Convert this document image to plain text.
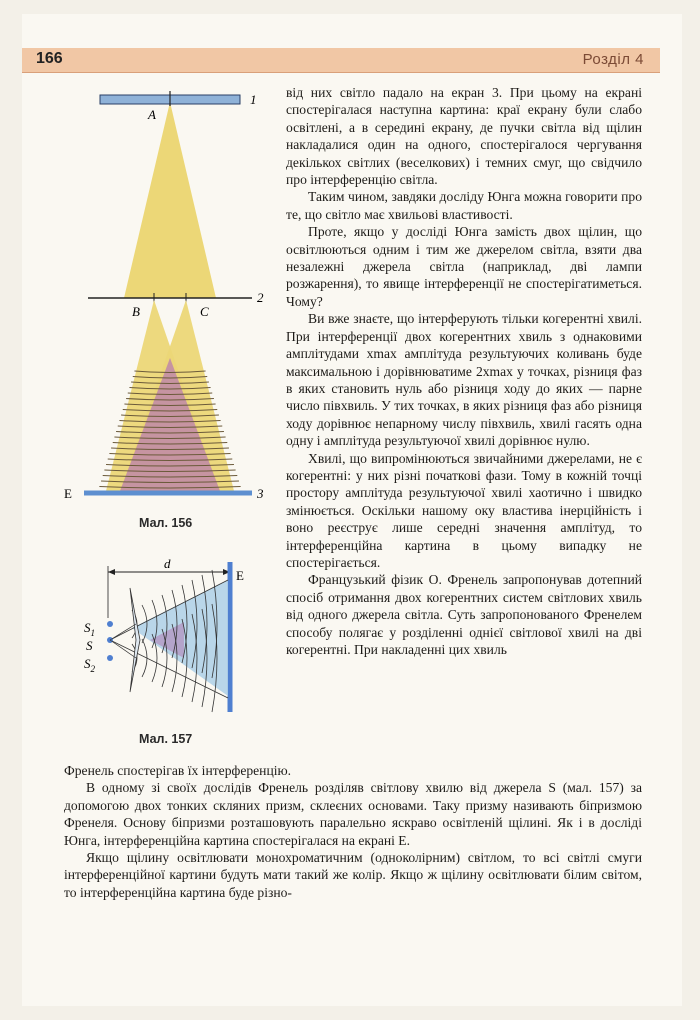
166	Розділ 4
A
1
2
B	C
E	3
Мал. 156
d
E
$S_1$
S
$S_2$
Мал. 157

від них світло падало на екран 3. При цьому на екрані спостерігалася наступна картина: краї екрану були слабо освітлені, а в середині екрану, де пучки світла від щілин накладалися один на одного, спостерігалося чергування декількох світлих (веселкових) і темних смуг, що свідчило про інтерференцію світла.

Таким чином, завдяки досліду Юнга можна говорити про те, що світло має хвильові властивості.

Проте, якщо у досліді Юнга замість двох щілин, що освітлюються одним і тим же джерелом світла, взяти два незалежні джерела світла (наприклад, дві лампи розжарення), то явище інтерференції не спостерігатиметься. Чому?

Ви вже знаєте, що інтерферують тільки когерентні хвилі. При інтерференції двох когерентних хвиль з однаковими амплітудами xmax амплітуда результуючих коливань буде максимальною і дорівнюватиме 2xmax у точках, різниця фаз в яких становить нуль або різниця ходу до яких — парне число півхвиль. У тих точках, в яких різниця фаз або різниця ходу дорівнює непарному числу півхвиль, хвилі гасять одна одну і амплітуда результуючої хвилі дорівнює нулю.

Хвилі, що випромінюються звичайними джерелами, не є когерентні: у них різні початкові фази. Тому в кожній точці простору амплітуда результуючої хвилі хаотично і швидко змінюється. Оскільки нашому оку властива інерційність і воно реєструє лише середні значення амплітуд, то інтерференційна картина в цьому випадку не спостерігається.

Французький фізик О. Френель запропонував дотепний спосіб отримання двох когерентних систем світлових хвиль від одного джерела світла. Суть запропонованого Френелем способу полягає у розділенні однієї світлової хвилі на дві когерентні. При накладенні цих хвиль

Френель спостерігав їх інтерференцію.

В одному зі своїх дослідів Френель розділяв світлову хвилю від джерела S (мал. 157) за допомогою двох тонких скляних призм, склеєних основами. Таку призму називають біпризмою Френеля. Основу біпризми розташовують паралельно яскраво освітленій щілині. Як і в досліді Юнга, інтерференційна картина спостерігалася на екрані Е.

Якщо щілину освітлювати монохроматичним (одноколірним) світлом, то всі світлі смуги інтерференційної картини будуть мати такий же колір. Якщо ж щілину освітлювати білим світом, то інтерференційна картина буде різно-
